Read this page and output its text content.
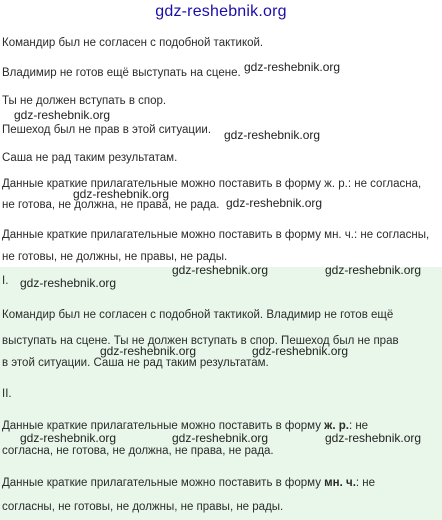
gdz-reshebnik.org
Командир был не согласен с подобной тактикой.
Владимир не готов ещё выступать на сцене. gdz-reshebnik.org
Ты не должен вступать в спор.
gdz-reshebnik.org
Пешеход был не прав в этой ситуации. gdz-reshebnik.org
Саша не рад таким результатам.
Данные краткие прилагательные можно поставить в форму ж. р.: не согласна,
gdz-reshebnik.org
не готова, не должна, не права, не рада. gdz-reshebnik.org
Данные краткие прилагательные можно поставить в форму мн. ч.: не согласны,
не готовы, не должны, не правы, не рады.
gdz-reshebnik.org	gdz-reshebnik.org
I. gdz-reshebnik.org
Командир был не согласен с подобной тактикой. Владимир не готов ещё
выступать на сцене. Ты не должен вступать в спор. Пешеход был не прав
gdz-reshebnik.org	gdz-reshebnik.org
в этой ситуации. Саша не рад таким результатам.
II.
Данные краткие прилагательные можно поставить в форму ж. р.: не
gdz-reshebnik.org	gdz-reshebnik.org	gdz-reshebnik.org
согласна, не готова, не должна, не права, не рада.
Данные краткие прилагательные можно поставить в форму мн. ч.: не
согласны, не готовы, не должны, не правы, не рады.
